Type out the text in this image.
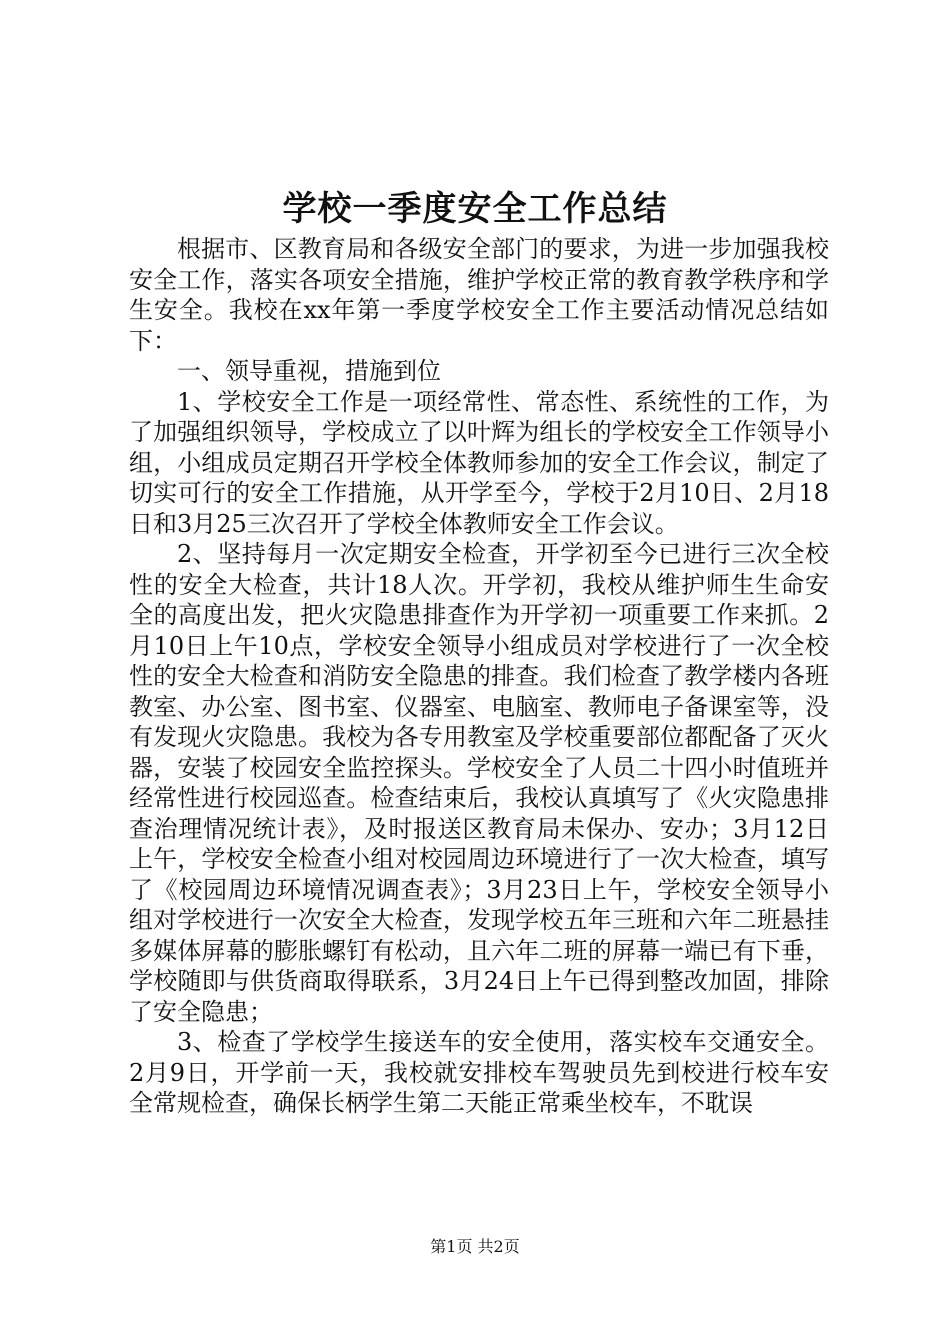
学校一季度安全工作总结

根据市、区教育局和各级安全部门的要求，为进一步加强我校安全工作，落实各项安全措施，维护学校正常的教育教学秩序和学生安全。我校在xx年第一季度学校安全工作主要活动情况总结如下：

一、领导重视，措施到位

1、学校安全工作是一项经常性、常态性、系统性的工作，为了加强组织领导，学校成立了以叶辉为组长的学校安全工作领导小组，小组成员定期召开学校全体教师参加的安全工作会议，制定了切实可行的安全工作措施，从开学至今，学校于2月10日、2月18日和3月25三次召开了学校全体教师安全工作会议。

2、坚持每月一次定期安全检查，开学初至今已进行三次全校性的安全大检查，共计18人次。开学初，我校从维护师生生命安全的高度出发，把火灾隐患排查作为开学初一项重要工作来抓。2月10日上午10点，学校安全领导小组成员对学校进行了一次全校性的安全大检查和消防安全隐患的排查。我们检查了教学楼内各班教室、办公室、图书室、仪器室、电脑室、教师电子备课室等，没有发现火灾隐患。我校为各专用教室及学校重要部位都配备了灭火器，安装了校园安全监控探头。学校安全了人员二十四小时值班并经常性进行校园巡查。检查结束后，我校认真填写了《火灾隐患排查治理情况统计表》，及时报送区教育局未保办、安办；3月12日上午，学校安全检查小组对校园周边环境进行了一次大检查，填写了《校园周边环境情况调查表》；3月23日上午，学校安全领导小组对学校进行一次安全大检查，发现学校五年三班和六年二班悬挂多媒体屏幕的膨胀螺钉有松动，且六年二班的屏幕一端已有下垂，学校随即与供货商取得联系，3月24日上午已得到整改加固，排除了安全隐患；

3、检查了学校学生接送车的安全使用，落实校车交通安全。2月9日，开学前一天，我校就安排校车驾驶员先到校进行校车安全常规检查，确保长柄学生第二天能正常乘坐校车，不耽误

第1页 共2页
